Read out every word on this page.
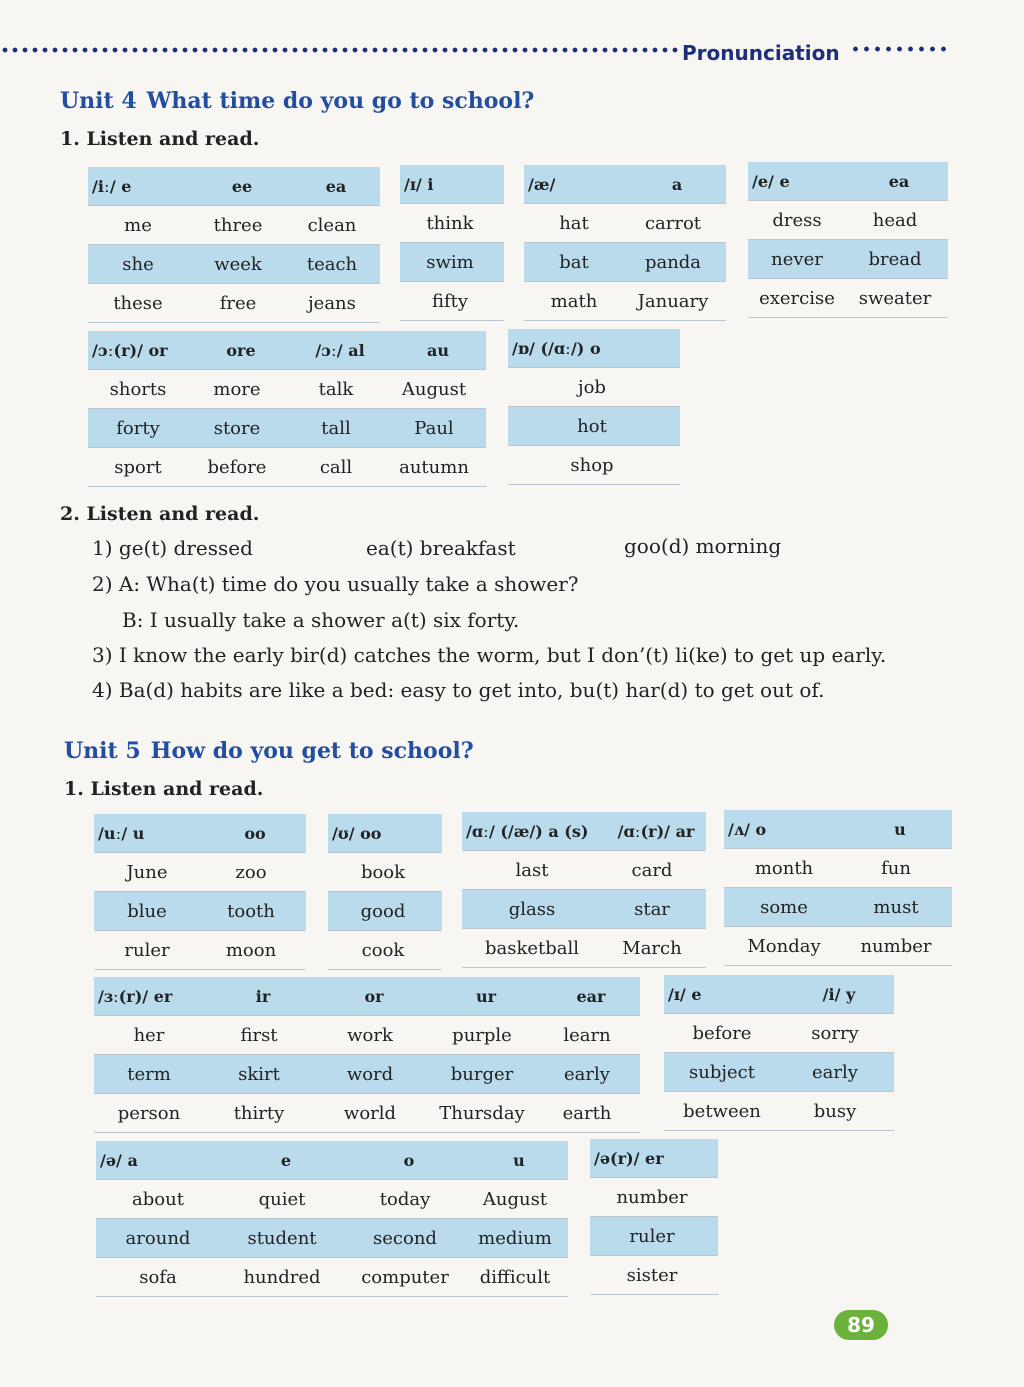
Pronunciation
Unit 4 What time do you go to school?
1. Listen and read.
/iː/ e	ee	ea
me	three	clean
she	week	teach
these	free	jeans
/ɪ/ i
think
swim
fifty
/æ/	a
hat	carrot
bat	panda
math	January
/e/ e	ea
dress	head
never	bread
exercise	sweater
/ɔː(r)/ or	ore	/ɔː/ al	au
shorts	more	talk	August
forty	store	tall	Paul
sport	before	call	autumn
/ɒ/ (/ɑː/) o
job
hot
shop
2. Listen and read.
1) ge(t) dressed	ea(t) breakfast	goo(d) morning
2) A: Wha(t) time do you usually take a shower?
B: I usually take a shower a(t) six forty.
3) I know the early bir(d) catches the worm, but I don’(t) li(ke) to get up early.
4) Ba(d) habits are like a bed: easy to get into, bu(t) har(d) to get out of.
Unit 5 How do you get to school?
1. Listen and read.
/uː/ u	oo
June	zoo
blue	tooth
ruler	moon
/ʊ/ oo
book
good
cook
/ɑː/ (/æ/) a (s)	/ɑː(r)/ ar
last	card
glass	star
basketball	March
/ʌ/ o	u
month	fun
some	must
Monday	number
/ɜː(r)/ er	ir	or	ur	ear
her	first	work	purple	learn
term	skirt	word	burger	early
person	thirty	world	Thursday	earth
/ɪ/ e	/i/ y
before	sorry
subject	early
between	busy
/ə/ a	e	o	u
about	quiet	today	August
around	student	second	medium
sofa	hundred	computer	difficult
/ə(r)/ er
number
ruler
sister
89
